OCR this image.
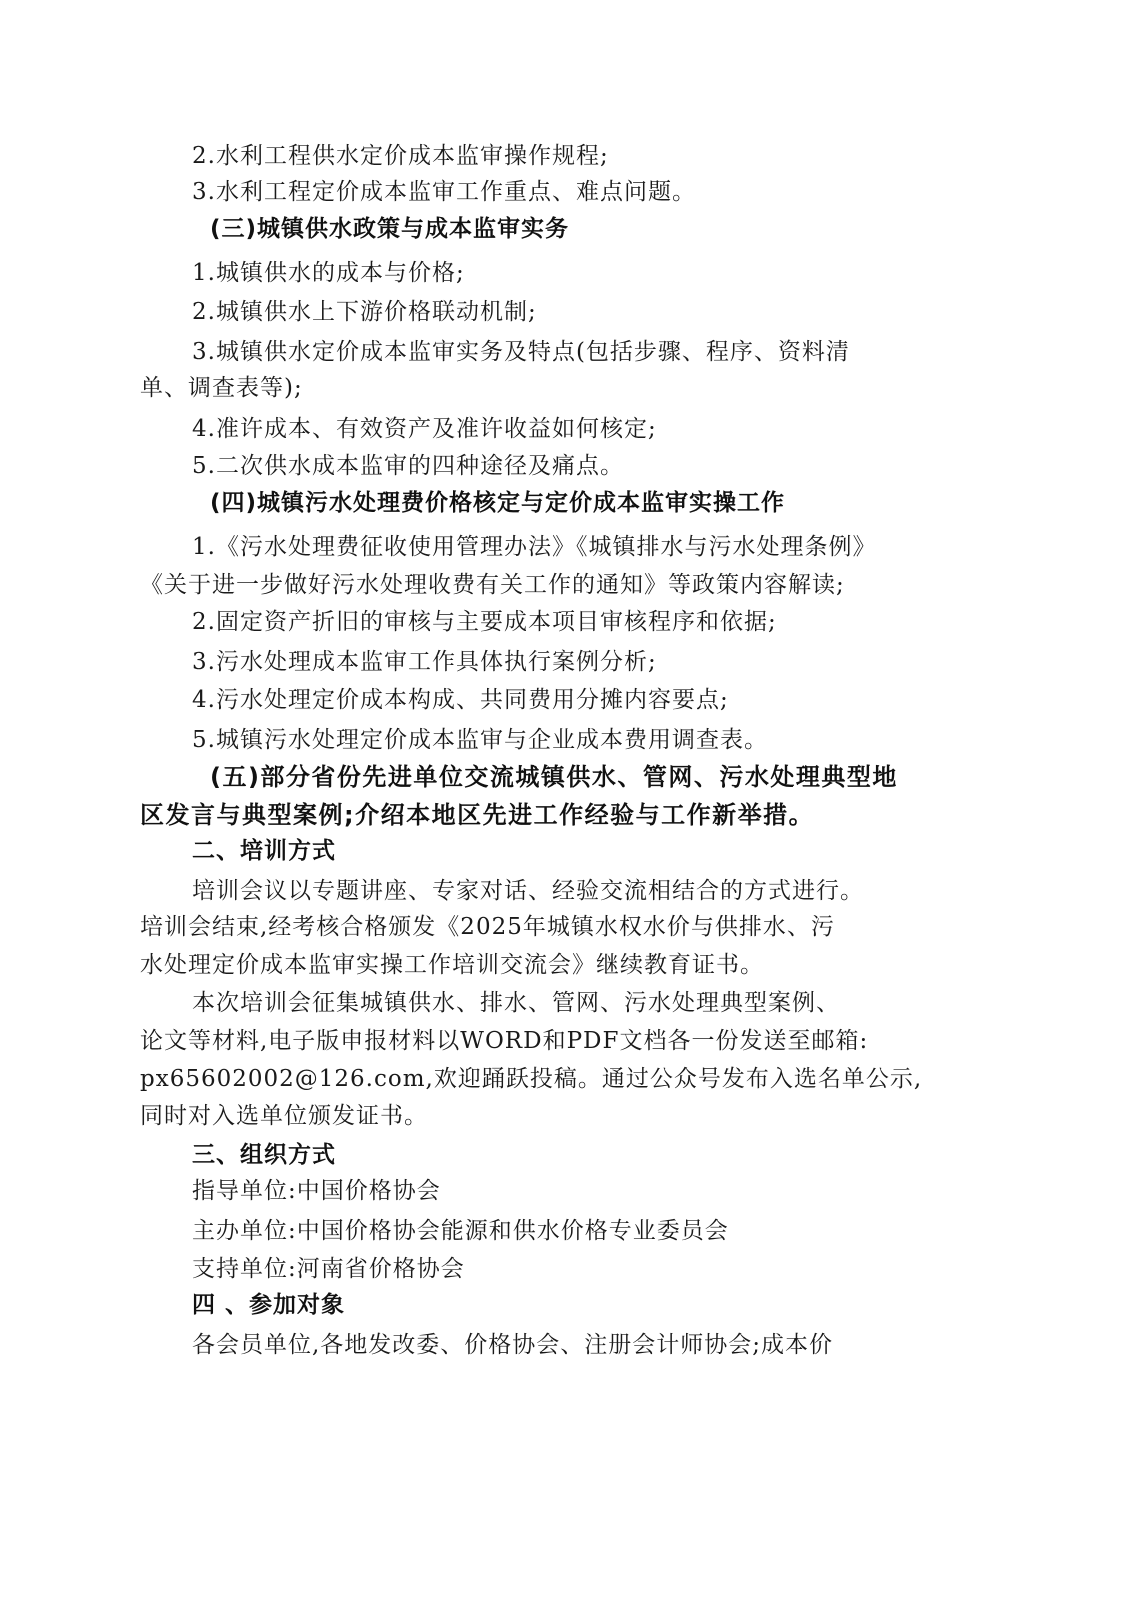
2.水利工程供水定价成本监审操作规程;

3.水利工程定价成本监审工作重点、难点问题。

(三)城镇供水政策与成本监审实务

1.城镇供水的成本与价格;

2.城镇供水上下游价格联动机制;

3.城镇供水定价成本监审实务及特点(包括步骤、程序、资料清

单、调查表等);

4.准许成本、有效资产及准许收益如何核定;

5.二次供水成本监审的四种途径及痛点。

(四)城镇污水处理费价格核定与定价成本监审实操工作

1.《污水处理费征收使用管理办法》《城镇排水与污水处理条例》

《关于进一步做好污水处理收费有关工作的通知》等政策内容解读;

2.固定资产折旧的审核与主要成本项目审核程序和依据;

3.污水处理成本监审工作具体执行案例分析;

4.污水处理定价成本构成、共同费用分摊内容要点;

5.城镇污水处理定价成本监审与企业成本费用调查表。

(五)部分省份先进单位交流城镇供水、管网、污水处理典型地

区发言与典型案例;介绍本地区先进工作经验与工作新举措。

二、培训方式

培训会议以专题讲座、专家对话、经验交流相结合的方式进行。

培训会结束,经考核合格颁发《2025年城镇水权水价与供排水、污

水处理定价成本监审实操工作培训交流会》继续教育证书。

本次培训会征集城镇供水、排水、管网、污水处理典型案例、

论文等材料,电子版申报材料以WORD和PDF文档各一份发送至邮箱:

px65602002@126.com,欢迎踊跃投稿。通过公众号发布入选名单公示,

同时对入选单位颁发证书。

三、组织方式

指导单位:中国价格协会

主办单位:中国价格协会能源和供水价格专业委员会

支持单位:河南省价格协会

四 、参加对象

各会员单位,各地发改委、价格协会、注册会计师协会;成本价
